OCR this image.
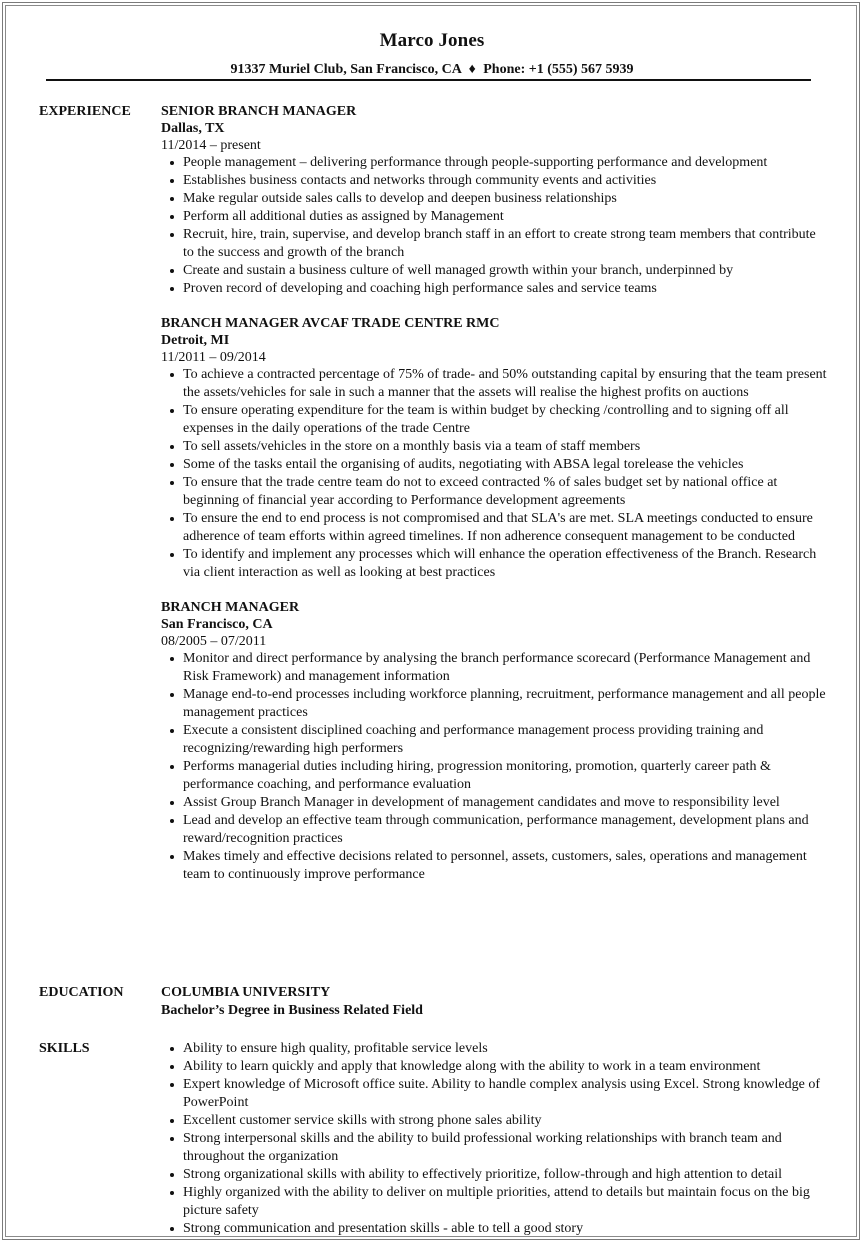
Marco Jones
91337 Muriel Club, San Francisco, CA ♦ Phone: +1 (555) 567 5939
EXPERIENCE	SENIOR BRANCH MANAGER
Dallas, TX
11/2014 – present
People management – delivering performance through people-supporting performance and development
Establishes business contacts and networks through community events and activities
Make regular outside sales calls to develop and deepen business relationships
Perform all additional duties as assigned by Management
Recruit, hire, train, supervise, and develop branch staff in an effort to create strong team members that contribute to the success and growth of the branch
Create and sustain a business culture of well managed growth within your branch, underpinned by
Proven record of developing and coaching high performance sales and service teams
BRANCH MANAGER AVCAF TRADE CENTRE RMC
Detroit, MI
11/2011 – 09/2014
To achieve a contracted percentage of 75% of trade- and 50% outstanding capital by ensuring that the team present the assets/vehicles for sale in such a manner that the assets will realise the highest profits on auctions
To ensure operating expenditure for the team is within budget by checking /controlling and to signing off all expenses in the daily operations of the trade Centre
To sell assets/vehicles in the store on a monthly basis via a team of staff members
Some of the tasks entail the organising of audits, negotiating with ABSA legal torelease the vehicles
To ensure that the trade centre team do not to exceed contracted % of sales budget set by national office at beginning of financial year according to Performance development agreements
To ensure the end to end process is not compromised and that SLA's are met. SLA meetings conducted to ensure adherence of team efforts within agreed timelines. If non adherence consequent management to be conducted
To identify and implement any processes which will enhance the operation effectiveness of the Branch. Research via client interaction as well as looking at best practices
BRANCH MANAGER
San Francisco, CA
08/2005 – 07/2011
Monitor and direct performance by analysing the branch performance scorecard (Performance Management and Risk Framework) and management information
Manage end-to-end processes including workforce planning, recruitment, performance management and all people management practices
Execute a consistent disciplined coaching and performance management process providing training and recognizing/rewarding high performers
Performs managerial duties including hiring, progression monitoring, promotion, quarterly career path & performance coaching, and performance evaluation
Assist Group Branch Manager in development of management candidates and move to responsibility level
Lead and develop an effective team through communication, performance management, development plans and reward/recognition practices
Makes timely and effective decisions related to personnel, assets, customers, sales, operations and management team to continuously improve performance
EDUCATION	COLUMBIA UNIVERSITY
Bachelor’s Degree in Business Related Field
SKILLS	Ability to ensure high quality, profitable service levels
Ability to learn quickly and apply that knowledge along with the ability to work in a team environment
Expert knowledge of Microsoft office suite. Ability to handle complex analysis using Excel. Strong knowledge of PowerPoint
Excellent customer service skills with strong phone sales ability
Strong interpersonal skills and the ability to build professional working relationships with branch team and throughout the organization
Strong organizational skills with ability to effectively prioritize, follow-through and high attention to detail
Highly organized with the ability to deliver on multiple priorities, attend to details but maintain focus on the big picture safety
Strong communication and presentation skills - able to tell a good story
